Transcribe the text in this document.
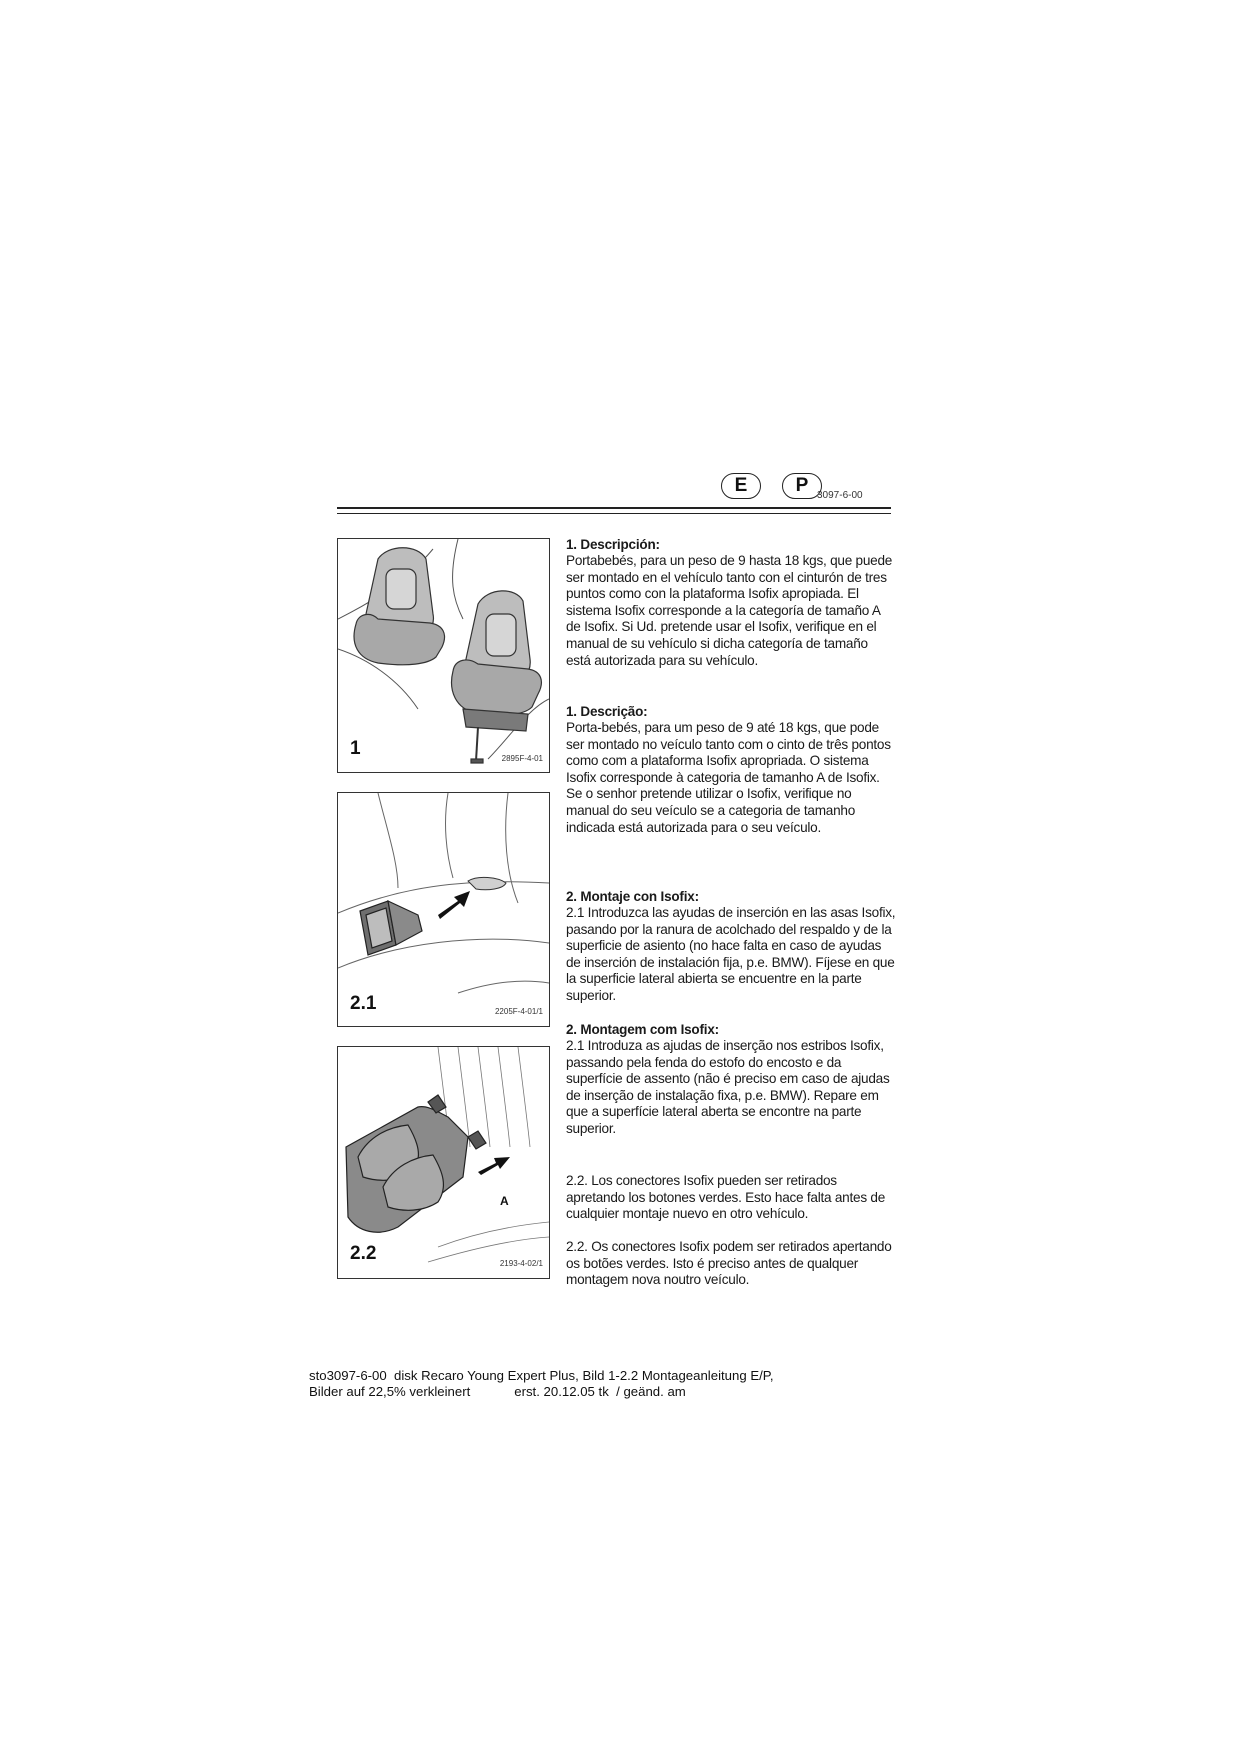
E	P 3097-6-00
1	2895F-4-01
2.1	2205F-4-01/1
A
2.2	2193-4-02/1
1. Descripción:

Portabebés, para un peso de 9 hasta 18 kgs, que puede ser montado en el vehículo tanto con el cinturón de tres puntos como con la plataforma Isofix apropiada. El sistema Isofix corresponde a la categoría de tamaño A de Isofix. Si Ud. pretende usar el Isofix, verifique en el manual de su vehículo si dicha categoría de tamaño está autorizada para su vehículo.

1. Descrição:

Porta-bebés, para um peso de 9 até 18 kgs, que pode ser montado no veículo tanto com o cinto de três pontos como com a plataforma Isofix apropriada. O sistema Isofix corresponde à categoria de tamanho A de Isofix. Se o senhor pretende utilizar o Isofix, verifique no manual do seu veículo se a categoria de tamanho indicada está autorizada para o seu veículo.

2. Montaje con Isofix:

2.1 Introduzca las ayudas de inserción en las asas Isofix, pasando por la ranura de acolchado del respaldo y de la superficie de asiento (no hace falta en caso de ayudas de inserción de instalación fija, p.e. BMW). Fíjese en que la superficie lateral abierta se encuentre en la parte superior.

2. Montagem com Isofix:

2.1 Introduza as ajudas de inserção nos estribos Isofix, passando pela fenda do estofo do encosto e da superfície de assento (não é preciso em caso de ajudas de inserção de instalação fixa, p.e. BMW). Repare em que a superfície lateral aberta se encontre na parte superior.

2.2. Los conectores Isofix pueden ser retirados apretando los botones verdes. Esto hace falta antes de cualquier montaje nuevo en otro vehículo.

2.2. Os conectores Isofix podem ser retirados apertando os botões verdes. Isto é preciso antes de qualquer montagem nova noutro veículo.

sto3097-6-00  disk Recaro Young Expert Plus, Bild 1-2.2 Montageanleitung E/P,
Bilder auf 22,5% verkleinert            erst. 20.12.05 tk  / geänd. am
